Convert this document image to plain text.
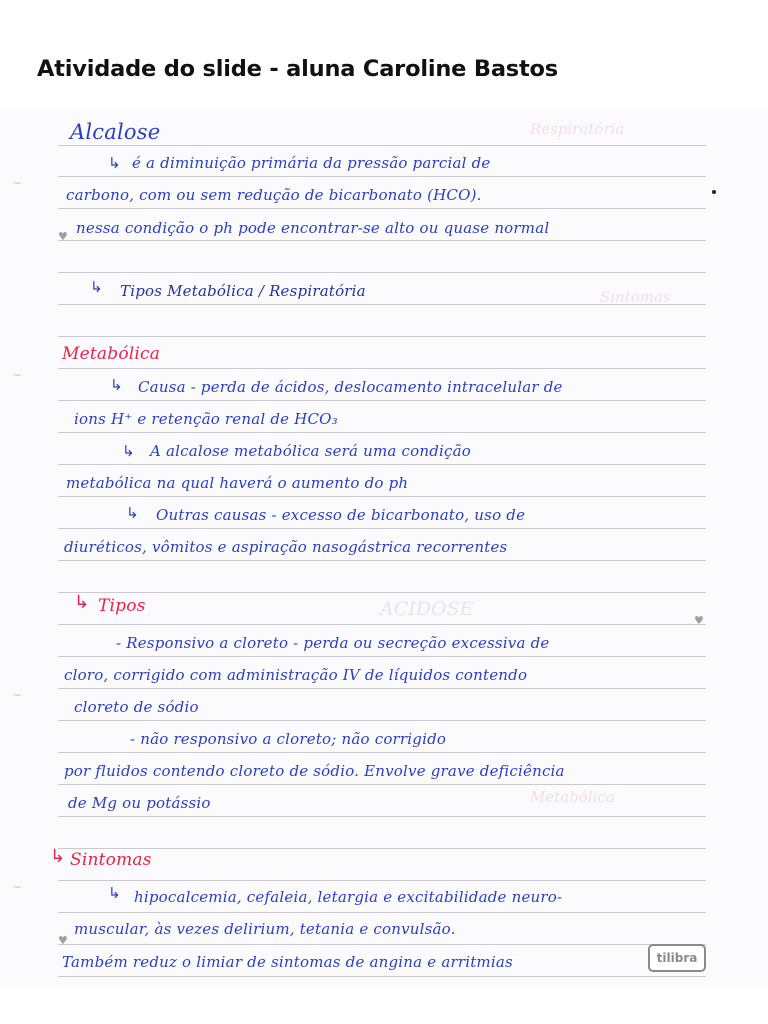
Atividade do slide - aluna Caroline Bastos
Respiratória
Sintomas
ACIDOSE
Metabólica
~
~
~
~
♥
♥
♥
Alcalose
↳ é a diminuição primária da pressão parcial de
carbono, com ou sem redução de bicarbonato (HCO).
nessa condição o ph pode encontrar-se alto ou quase normal
↳ Tipos Metabólica / Respiratória
Metabólica
↳ Causa - perda de ácidos, deslocamento intracelular de
ions H⁺ e retenção renal de HCO₃
↳ A alcalose metabólica será uma condição
metabólica na qual haverá o aumento do ph
↳ Outras causas - excesso de bicarbonato, uso de
diuréticos, vômitos e aspiração nasogástrica recorrentes
↳ Tipos
- Responsivo a cloreto - perda ou secreção excessiva de
cloro, corrigido com administração IV de líquidos contendo
cloreto de sódio
- não responsivo a cloreto; não corrigido
por fluidos contendo cloreto de sódio. Envolve grave deficiência
de Mg ou potássio
↳ Sintomas
↳ hipocalcemia, cefaleia, letargia e excitabilidade neuro-
muscular, às vezes delirium, tetania e convulsão.
Também reduz o limiar de sintomas de angina e arritmias	tilibra
